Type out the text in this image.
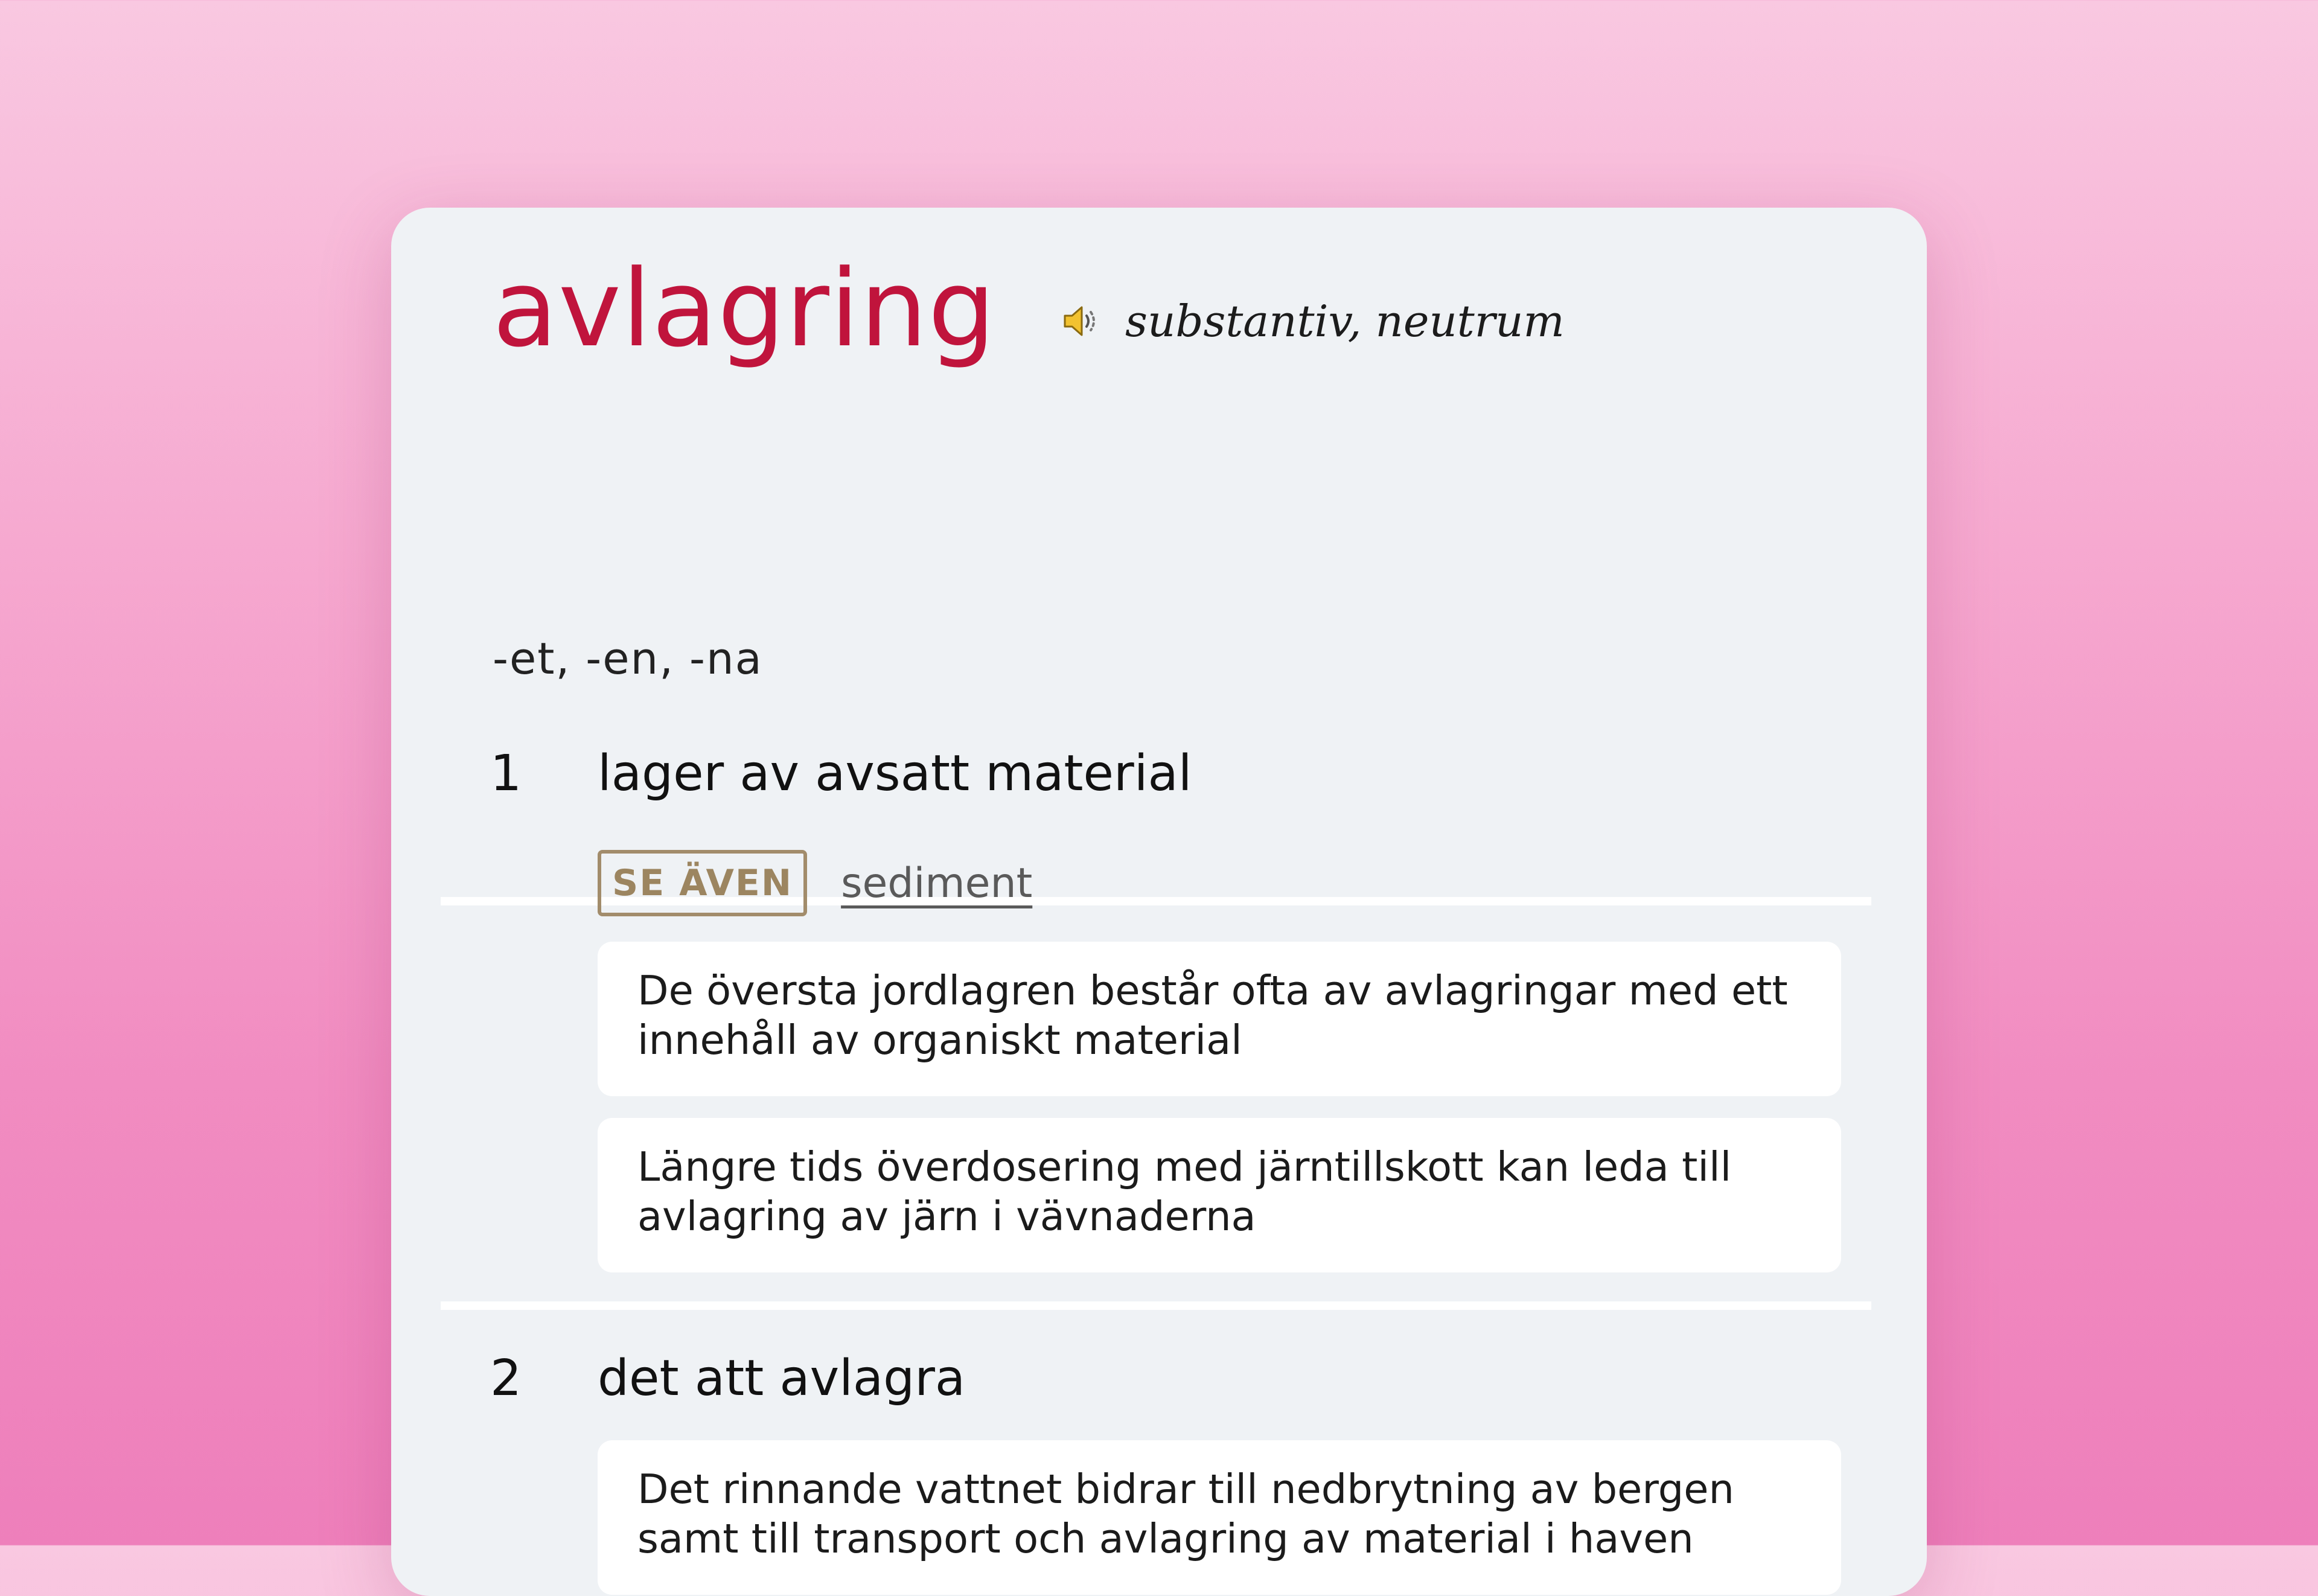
avlagring	substantiv, neutrum
-et, -en, -na
1 lager av avsatt material
SE ÄVEN	sediment
De översta jordlagren består ofta av avlagringar med ett innehåll av organiskt material
Längre tids överdosering med järntillskott kan leda till avlagring av järn i vävnaderna
2 det att avlagra
Det rinnande vattnet bidrar till nedbrytning av bergen samt till transport och avlagring av material i haven
